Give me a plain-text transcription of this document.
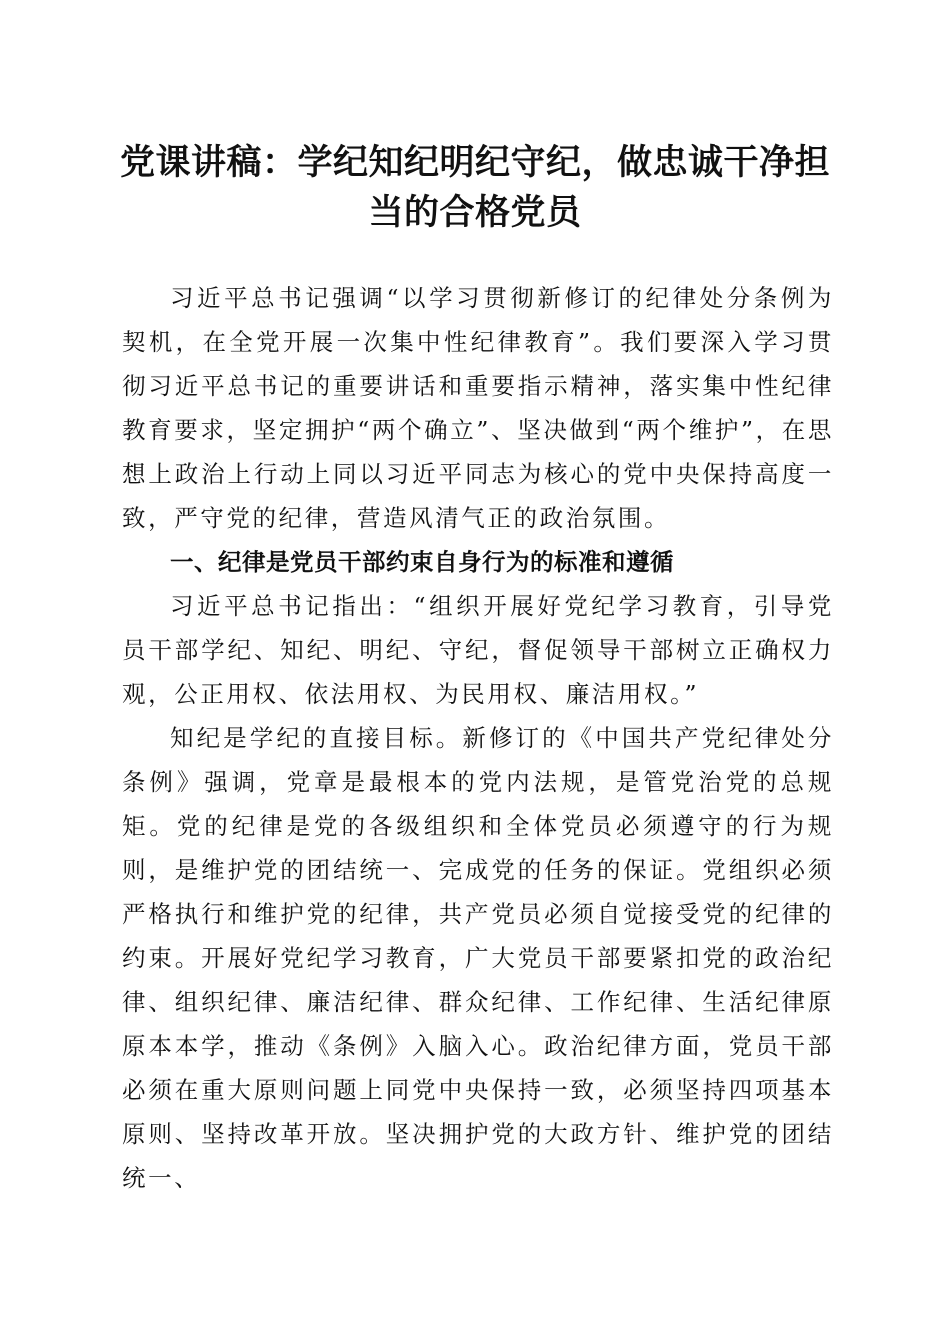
党课讲稿：学纪知纪明纪守纪，做忠诚干净担
当的合格党员

习近平总书记强调“以学习贯彻新修订的纪律处分条例为契机，在全党开展一次集中性纪律教育”。我们要深入学习贯彻习近平总书记的重要讲话和重要指示精神，落实集中性纪律教育要求，坚定拥护“两个确立”、坚决做到“两个维护”，在思想上政治上行动上同以习近平同志为核心的党中央保持高度一致，严守党的纪律，营造风清气正的政治氛围。

一、纪律是党员干部约束自身行为的标准和遵循

习近平总书记指出：“组织开展好党纪学习教育，引导党员干部学纪、知纪、明纪、守纪，督促领导干部树立正确权力观，公正用权、依法用权、为民用权、廉洁用权。”

知纪是学纪的直接目标。新修订的《中国共产党纪律处分条例》强调，党章是最根本的党内法规，是管党治党的总规矩。党的纪律是党的各级组织和全体党员必须遵守的行为规则，是维护党的团结统一、完成党的任务的保证。党组织必须严格执行和维护党的纪律，共产党员必须自觉接受党的纪律的约束。开展好党纪学习教育，广大党员干部要紧扣党的政治纪律、组织纪律、廉洁纪律、群众纪律、工作纪律、生活纪律原原本本学，推动《条例》入脑入心。政治纪律方面，党员干部必须在重大原则问题上同党中央保持一致，必须坚持四项基本原则、坚持改革开放。坚决拥护党的大政方针、维护党的团结统一、
